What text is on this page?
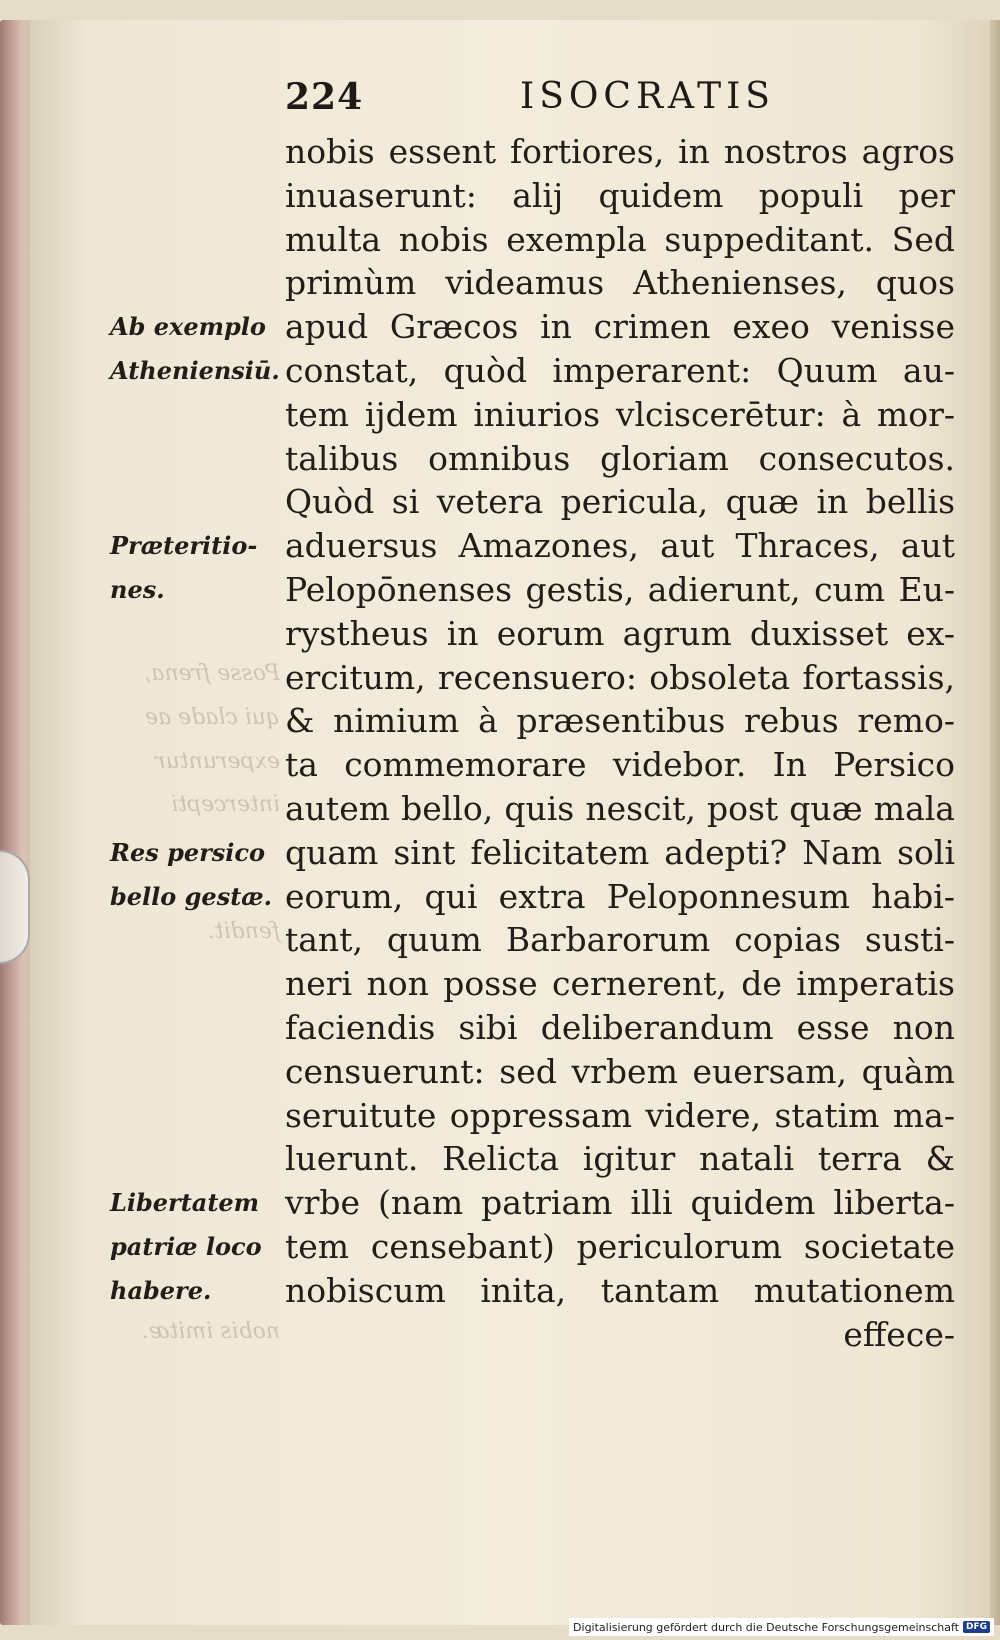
224	ISOCRATIS
Posse frena,
qui clade ae
experuntur
intercepti
fendit.
nobis imitæ.
nobis essent fortiores, in nostros agros
inuaserunt: alij quidem populi per
multa nobis exempla suppeditant. Sed
primùm videamus Athenienses, quos
apud Græcos in crimen exeo venisse
constat, quòd imperarent: Quum au-
tem ijdem iniurios vlciscerētur: à mor-
talibus omnibus gloriam consecutos.
Quòd si vetera pericula, quæ in bellis
aduersus Amazones, aut Thraces, aut
Pelopōnenses gestis, adierunt, cum Eu-
rystheus in eorum agrum duxisset ex-
ercitum, recensuero: obsoleta fortassis,
& nimium à præsentibus rebus remo-
ta commemorare videbor. In Persico
autem bello, quis nescit, post quæ mala
quam sint felicitatem adepti? Nam soli
eorum, qui extra Peloponnesum habi-
tant, quum Barbarorum copias susti-
neri non posse cernerent, de imperatis
faciendis sibi deliberandum esse non
censuerunt: sed vrbem euersam, quàm
seruitute oppressam videre, statim ma-
luerunt. Relicta igitur natali terra &
vrbe (nam patriam illi quidem liberta-
tem censebant) periculorum societate
nobiscum inita, tantam mutationem
effece-
Ab exemplo
Atheniensiū.
Præteritio-
nes.
Res persico
bello gestæ.
Libertatem
patriæ loco
habere.
Digitalisierung gefördert durch die Deutsche Forschungsgemeinschaft DFG
